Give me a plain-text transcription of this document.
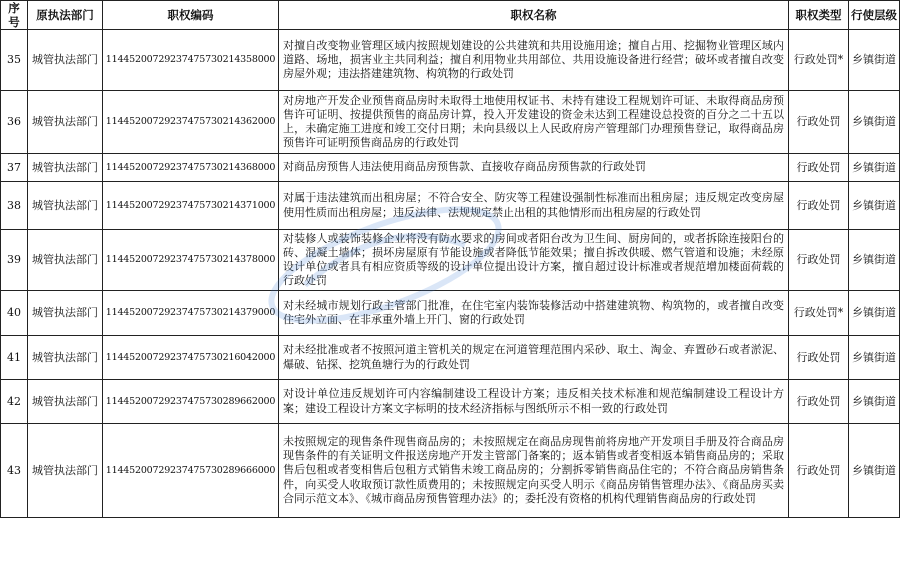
序号	原执法部门	职权编码	职权名称	职权类型	行使层级
35	城管执法部门	11445200729237475730214358000	对擅自改变物业管理区域内按照规划建设的公共建筑和共用设施用途；擅自占用、挖掘物业管理区域内道路、场地，损害业主共同利益；擅自利用物业共用部位、共用设施设备进行经营；破坏或者擅自改变房屋外观；违法搭建建筑物、构筑物的行政处罚	行政处罚*	乡镇街道
36	城管执法部门	11445200729237475730214362000	对房地产开发企业预售商品房时未取得土地使用权证书、未持有建设工程规划许可证、未取得商品房预售许可证明、按提供预售的商品房计算，投入开发建设的资金未达到工程建设总投资的百分之二十五以上，未确定施工进度和竣工交付日期；未向县级以上人民政府房产管理部门办理预售登记，取得商品房预售许可证明预售商品房的行政处罚	行政处罚	乡镇街道
37	城管执法部门	11445200729237475730214368000	对商品房预售人违法使用商品房预售款、直接收存商品房预售款的行政处罚	行政处罚	乡镇街道
38	城管执法部门	11445200729237475730214371000	对属于违法建筑而出租房屋；不符合安全、防灾等工程建设强制性标准而出租房屋；违反规定改变房屋使用性质而出租房屋；违反法律、法规规定禁止出租的其他情形而出租房屋的行政处罚	行政处罚	乡镇街道
39	城管执法部门	11445200729237475730214378000	对装修人或装饰装修企业将没有防水要求的房间或者阳台改为卫生间、厨房间的，或者拆除连接阳台的砖、混凝土墙体；损坏房屋原有节能设施或者降低节能效果；擅自拆改供暖、燃气管道和设施；未经原设计单位或者具有相应资质等级的设计单位提出设计方案，擅自超过设计标准或者规范增加楼面荷载的行政处罚	行政处罚	乡镇街道
40	城管执法部门	11445200729237475730214379000	对未经城市规划行政主管部门批准，在住宅室内装饰装修活动中搭建建筑物、构筑物的，或者擅自改变住宅外立面、在非承重外墙上开门、窗的行政处罚	行政处罚*	乡镇街道
41	城管执法部门	11445200729237475730216042000	对未经批准或者不按照河道主管机关的规定在河道管理范围内采砂、取土、淘金、弃置砂石或者淤泥、爆破、钻探、挖筑鱼塘行为的行政处罚	行政处罚	乡镇街道
42	城管执法部门	11445200729237475730289662000	对设计单位违反规划许可内容编制建设工程设计方案；违反相关技术标准和规范编制建设工程设计方案；建设工程设计方案文字标明的技术经济指标与图纸所示不相一致的行政处罚	行政处罚	乡镇街道
43	城管执法部门	11445200729237475730289666000	未按照规定的现售条件现售商品房的；未按照规定在商品房现售前将房地产开发项目手册及符合商品房现售条件的有关证明文件报送房地产开发主管部门备案的；返本销售或者变相返本销售商品房的；采取售后包租或者变相售后包租方式销售未竣工商品房的；分割拆零销售商品住宅的；不符合商品房销售条件，向买受人收取预订款性质费用的；未按照规定向买受人明示《商品房销售管理办法》、《商品房买卖合同示范文本》、《城市商品房预售管理办法》的；委托没有资格的机构代理销售商品房的行政处罚	行政处罚	乡镇街道
